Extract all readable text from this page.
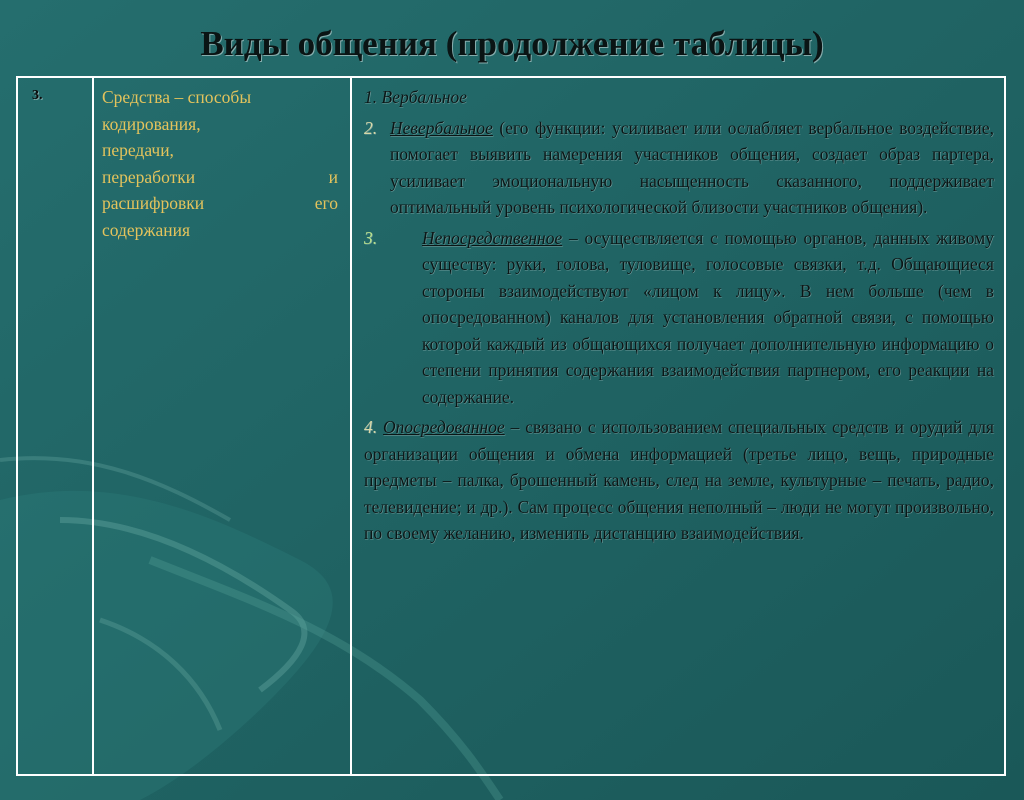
Виды общения (продолжение таблицы)
3.	Средства – способы
кодирования,
передачи,
переработки и
расшифровки его
содержания
1.
Вербальное
2. Невербальное (его функции: усиливает или ослабляет вербальное воздействие, помогает выявить намерения участников общения, создает образ партера, усиливает эмоциональную насыщенность сказанного, поддерживает оптимальный уровень психологической близости участников общения).
3.	Непосредственное – осуществляется с помощью органов, данных живому существу: руки, голова, туловище, голосовые связки, т.д. Общающиеся стороны взаимодействуют «лицом к лицу». В нем больше (чем в опосредованном) каналов для установления обратной связи, с помощью которой каждый из общающихся получает дополнительную информацию о степени принятия содержания взаимодействия партнером, его реакции на содержание.
4. Опосредованное – связано с использованием специальных средств и орудий для организации общения и обмена информацией (третье лицо, вещь, природные предметы – палка, брошенный камень, след на земле, культурные – печать, радио, телевидение; и др.). Сам процесс общения неполный – люди не могут произвольно, по своему желанию, изменить дистанцию взаимодействия.
